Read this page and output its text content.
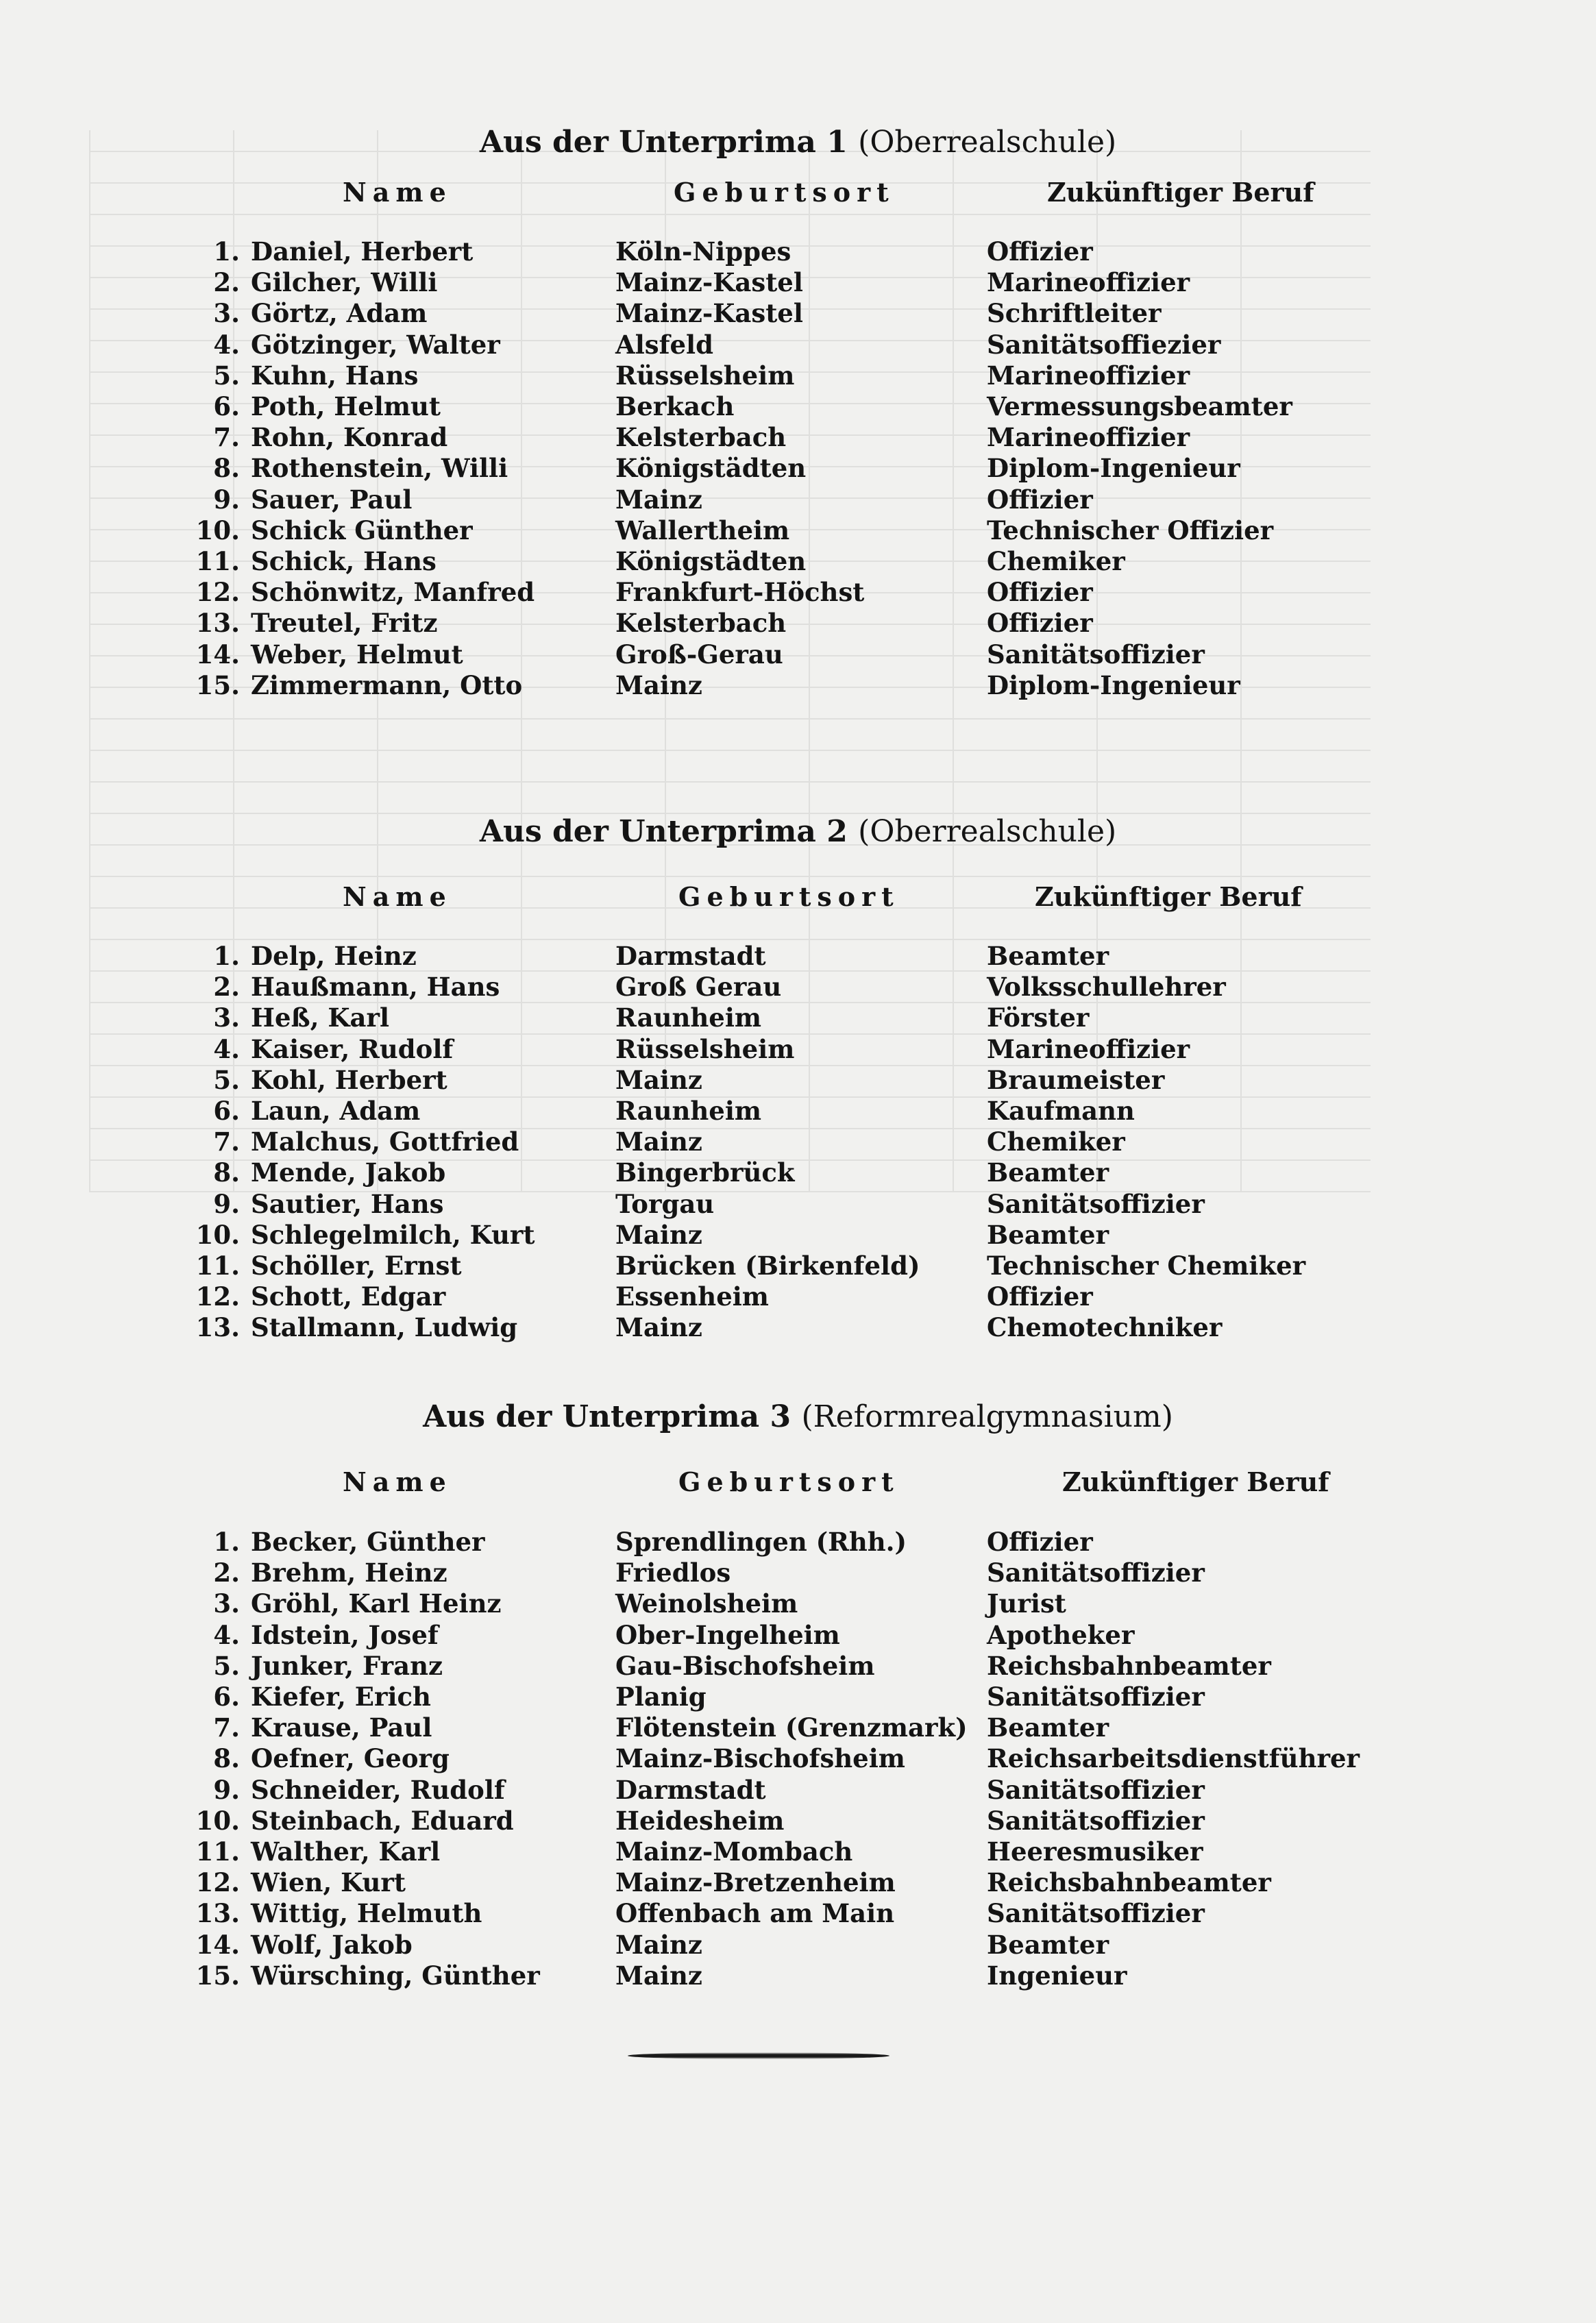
Aus der Unterprima 1 (Oberrealschule)
Name	Geburtsort	Zukünftiger Beruf
1. Daniel, Herbert	Köln-Nippes	Offizier
2. Gilcher, Willi	Mainz-Kastel	Marineoffizier
3. Görtz, Adam	Mainz-Kastel	Schriftleiter
4. Götzinger, Walter	Alsfeld	Sanitätsoffiezier
5. Kuhn, Hans	Rüsselsheim	Marineoffizier
6. Poth, Helmut	Berkach	Vermessungsbeamter
7. Rohn, Konrad	Kelsterbach	Marineoffizier
8. Rothenstein, Willi	Königstädten	Diplom-Ingenieur
9. Sauer, Paul	Mainz	Offizier
10. Schick Günther	Wallertheim	Technischer Offizier
11. Schick, Hans	Königstädten	Chemiker
12. Schönwitz, Manfred	Frankfurt-Höchst	Offizier
13. Treutel, Fritz	Kelsterbach	Offizier
14. Weber, Helmut	Groß-Gerau	Sanitätsoffizier
15. Zimmermann, Otto	Mainz	Diplom-Ingenieur
Aus der Unterprima 2 (Oberrealschule)
Name	Geburtsort	Zukünftiger Beruf
1. Delp, Heinz	Darmstadt	Beamter
2. Haußmann, Hans	Groß Gerau	Volksschullehrer
3. Heß, Karl	Raunheim	Förster
4. Kaiser, Rudolf	Rüsselsheim	Marineoffizier
5. Kohl, Herbert	Mainz	Braumeister
6. Laun, Adam	Raunheim	Kaufmann
7. Malchus, Gottfried	Mainz	Chemiker
8. Mende, Jakob	Bingerbrück	Beamter
9. Sautier, Hans	Torgau	Sanitätsoffizier
10. Schlegelmilch, Kurt	Mainz	Beamter
11. Schöller, Ernst	Brücken (Birkenfeld)	Technischer Chemiker
12. Schott, Edgar	Essenheim	Offizier
13. Stallmann, Ludwig	Mainz	Chemotechniker
Aus der Unterprima 3 (Reformrealgymnasium)
Name	Geburtsort	Zukünftiger Beruf
1. Becker, Günther	Sprendlingen (Rhh.)	Offizier
2. Brehm, Heinz	Friedlos	Sanitätsoffizier
3. Gröhl, Karl Heinz	Weinolsheim	Jurist
4. Idstein, Josef	Ober-Ingelheim	Apotheker
5. Junker, Franz	Gau-Bischofsheim	Reichsbahnbeamter
6. Kiefer, Erich	Planig	Sanitätsoffizier
7. Krause, Paul	Flötenstein (Grenzmark) Beamter
8. Oefner, Georg	Mainz-Bischofsheim	Reichsarbeitsdienstführer
9. Schneider, Rudolf	Darmstadt	Sanitätsoffizier
10. Steinbach, Eduard	Heidesheim	Sanitätsoffizier
11. Walther, Karl	Mainz-Mombach	Heeresmusiker
12. Wien, Kurt	Mainz-Bretzenheim	Reichsbahnbeamter
13. Wittig, Helmuth	Offenbach am Main	Sanitätsoffizier
14. Wolf, Jakob	Mainz	Beamter
15. Würsching, Günther	Mainz	Ingenieur
